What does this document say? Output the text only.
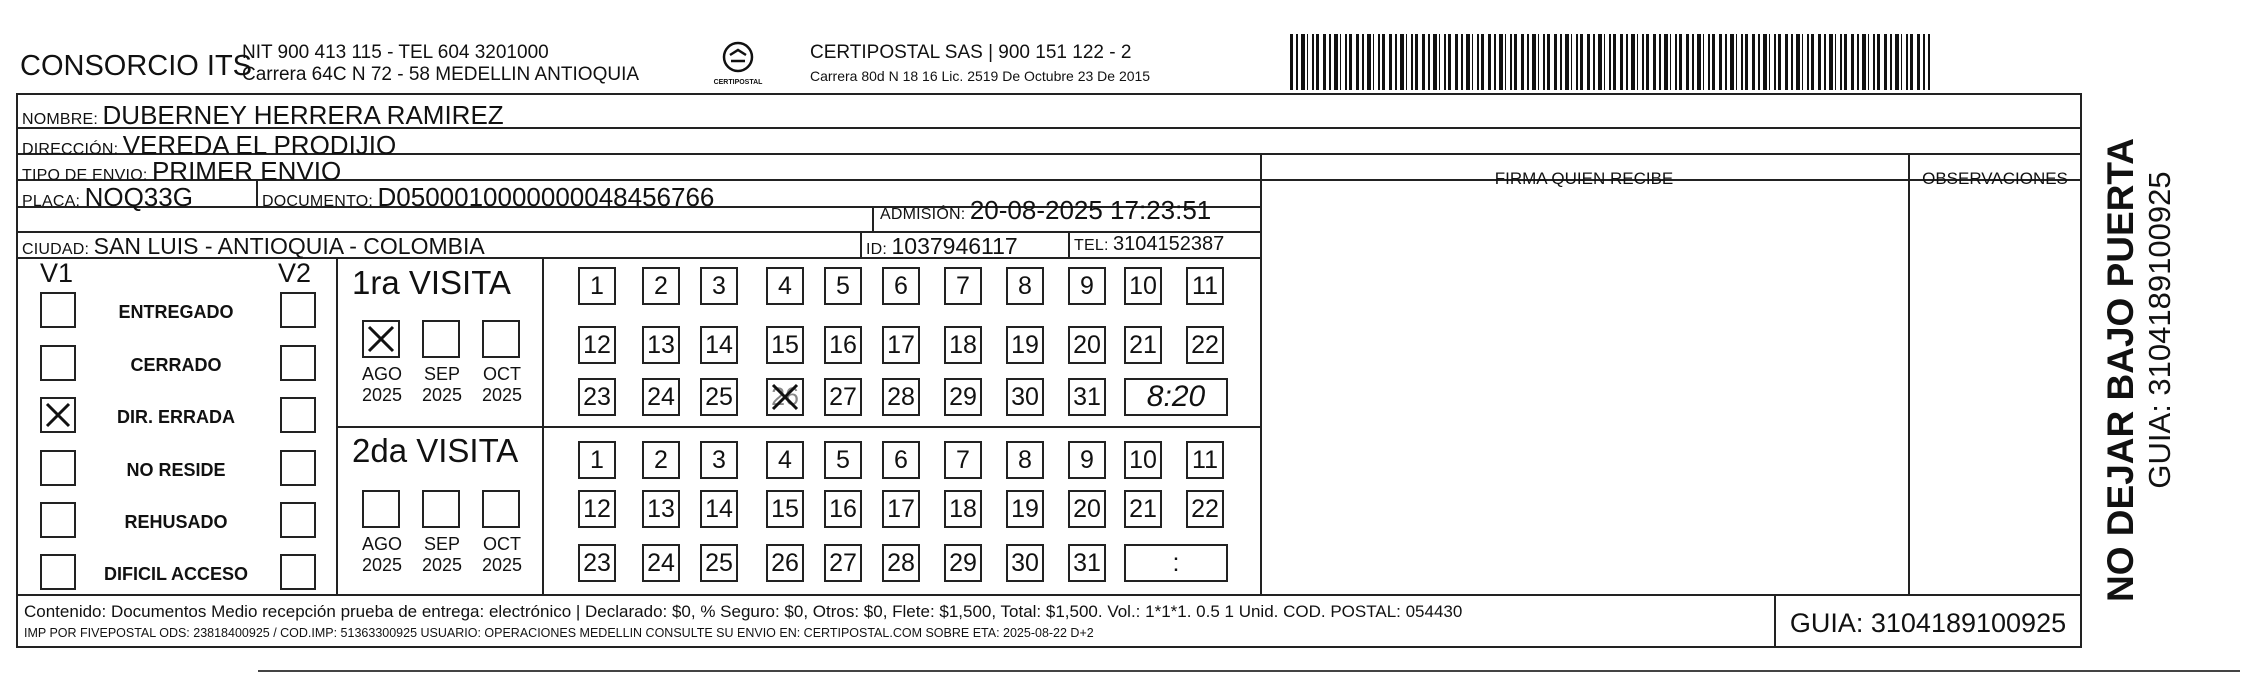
CONSORCIO ITS
NIT 900 413 115 - TEL 604 3201000
Carrera 64C N 72 - 58 MEDELLIN ANTIOQUIA	CERTIPOSTAL
CERTIPOSTAL SAS | 900 151 122 - 2
Carrera 80d N 18 16 Lic. 2519 De Octubre 23 De 2015
NOMBRE: DUBERNEY HERRERA RAMIREZ
DIRECCIÓN: VEREDA EL PRODIJIO
TIPO DE ENVIO: PRIMER ENVIO	FIRMA QUIEN RECIBE	OBSERVACIONES
PLACA: NOQ33G	DOCUMENTO: D0500010000000048456766
ADMISIÓN: 20-08-2025 17:23:51
CIUDAD: SAN LUIS - ANTIOQUIA - COLOMBIA	ID: 1037946117	TEL: 3104152387
V1	V2
ENTREGADO
CERRADO
DIR. ERRADA
NO RESIDE
REHUSADO
DIFICIL ACCESO
1ra VISITA
2da VISITA
AGO
2025
SEP
2025
OCT
2025
AGO
2025
SEP
2025
OCT
2025
1	2	3	4	5	6	7	8	9	10 11
12 13 14 15 16 17 18 19 20 21 22
23 24 25 26 27 28 29 30 31	8:20
1	2	3	4	5	6	7	8	9	10 11
12 13 14 15 16 17 18 19 20 21 22
23 24 25 26 27 28 29 30 31	:
Contenido: Documentos Medio recepción prueba de entrega: electrónico | Declarado: $0, % Seguro: $0, Otros: $0, Flete: $1,500, Total: $1,500. Vol.: 1*1*1. 0.5 1 Unid. COD. POSTAL: 054430
IMP POR FIVEPOSTAL ODS: 23818400925 / COD.IMP: 51363300925 USUARIO: OPERACIONES MEDELLIN CONSULTE SU ENVIO EN: CERTIPOSTAL.COM SOBRE ETA: 2025-08-22 D+2	GUIA: 3104189100925
NO DEJAR BAJO PUERTA GUIA: 3104189100925
